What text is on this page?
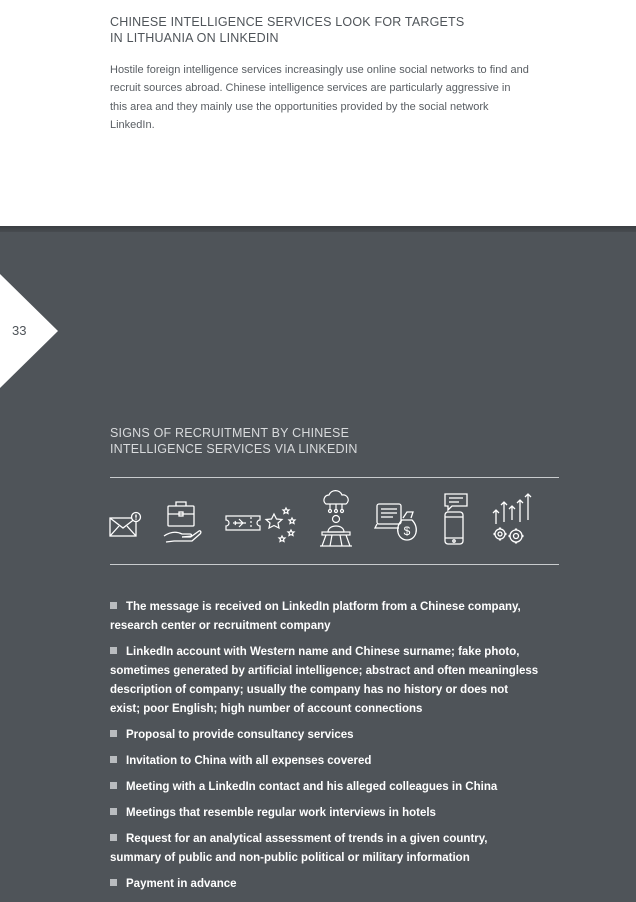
CHINESE INTELLIGENCE SERVICES LOOK FOR TARGETS
IN LITHUANIA ON LINKEDIN
Hostile foreign intelligence services increasingly use online social networks to find and recruit sources abroad. Chinese intelligence services are particularly aggressive in this area and they mainly use the opportunities provided by the social network LinkedIn.
33
SIGNS OF RECRUITMENT BY CHINESE
INTELLIGENCE SERVICES VIA LINKEDIN
$
The message is received on LinkedIn platform from a Chinese company, research center or recruitment company
LinkedIn account with Western name and Chinese surname; fake photo, sometimes generated by artificial intelligence; abstract and often meaningless description of company; usually the company has no history or does not exist; poor English; high number of account connections
Proposal to provide consultancy services
Invitation to China with all expenses covered
Meeting with a LinkedIn contact and his alleged colleagues in China
Meetings that resemble regular work interviews in hotels
Request for an analytical assessment of trends in a given country, summary of public and non-public political or military information
Payment in advance
